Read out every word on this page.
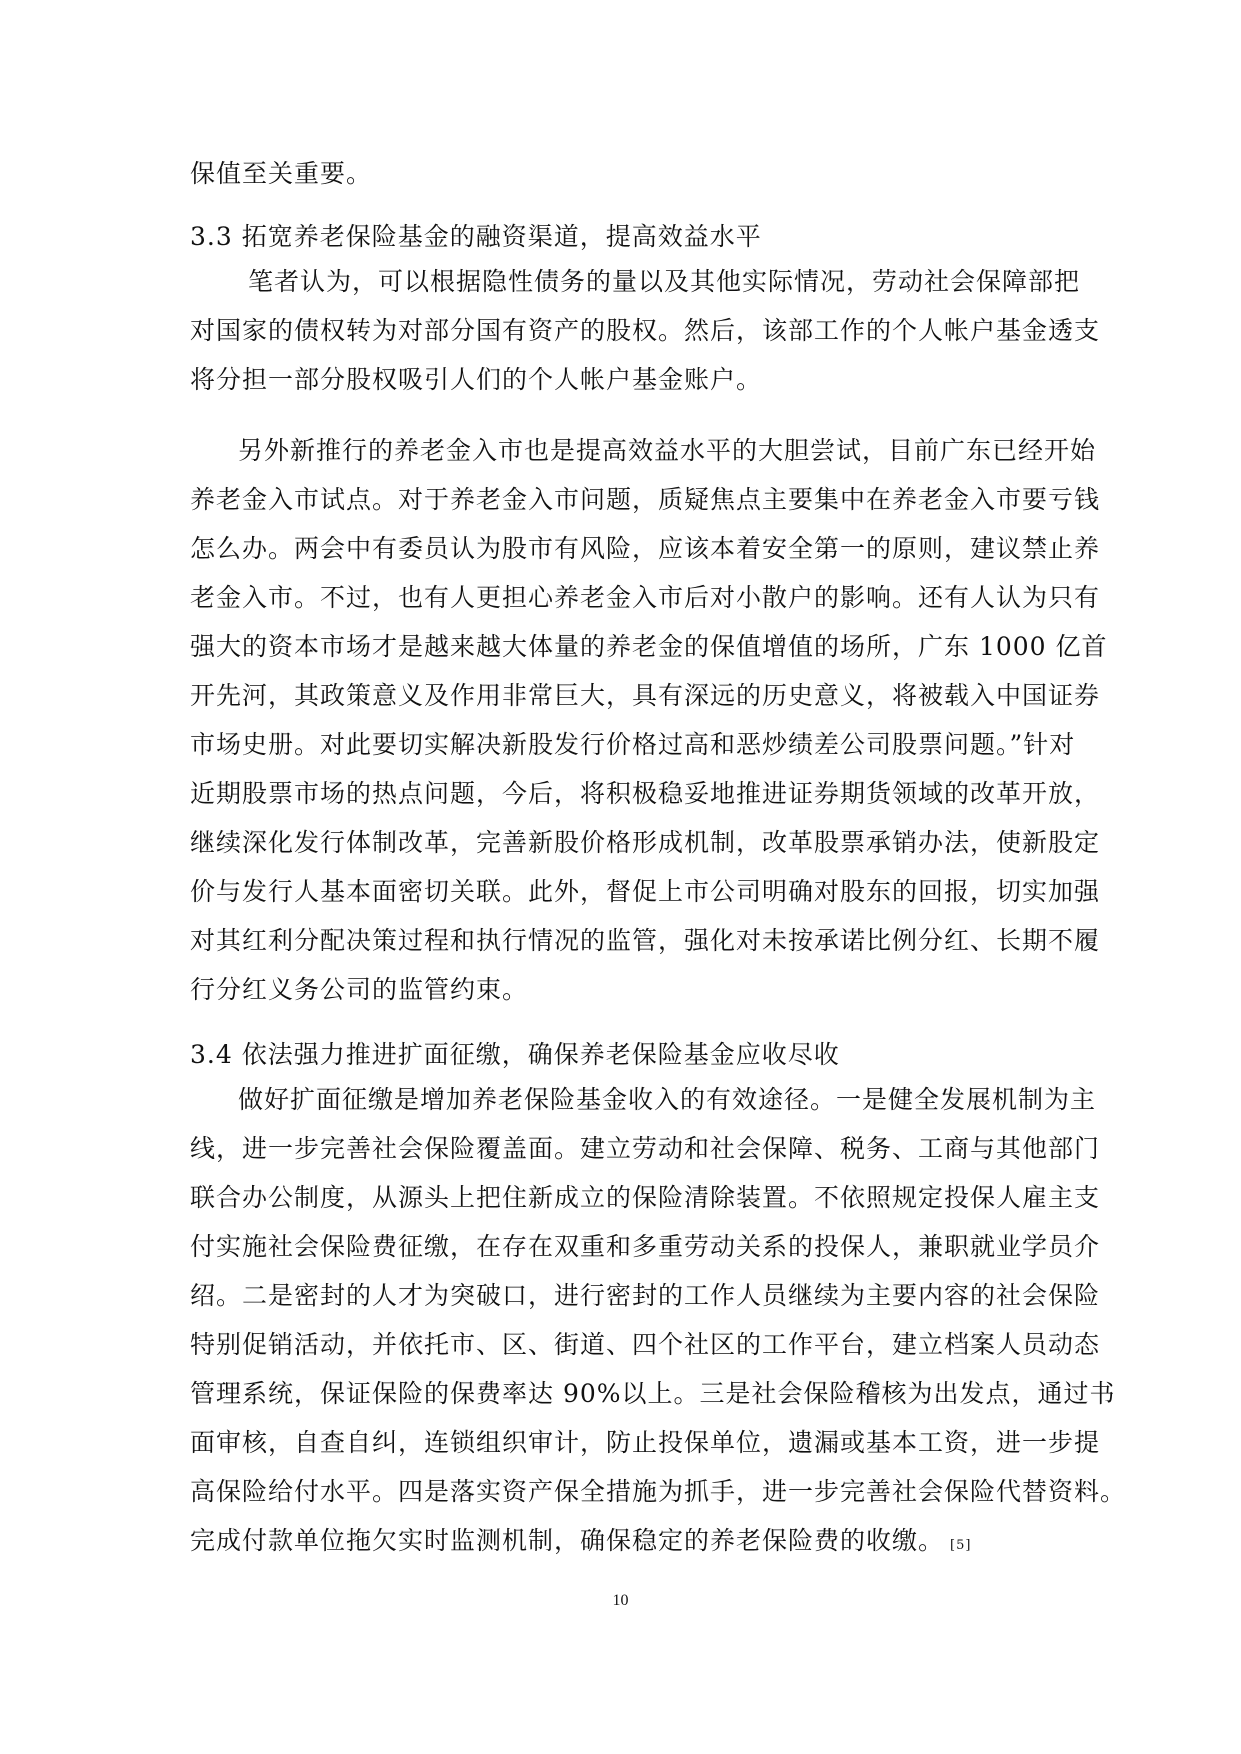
保值至关重要。
3.3 拓宽养老保险基金的融资渠道，提高效益水平
笔者认为，可以根据隐性债务的量以及其他实际情况，劳动社会保障部把
对国家的债权转为对部分国有资产的股权。然后，该部工作的个人帐户基金透支
将分担一部分股权吸引人们的个人帐户基金账户。
另外新推行的养老金入市也是提高效益水平的大胆尝试，目前广东已经开始
养老金入市试点。对于养老金入市问题，质疑焦点主要集中在养老金入市要亏钱
怎么办。两会中有委员认为股市有风险，应该本着安全第一的原则，建议禁止养
老金入市。不过，也有人更担心养老金入市后对小散户的影响。还有人认为只有
强大的资本市场才是越来越大体量的养老金的保值增值的场所，广东 1000 亿首
开先河，其政策意义及作用非常巨大，具有深远的历史意义，将被载入中国证券
市场史册。对此要切实解决新股发行价格过高和恶炒绩差公司股票问题。”针对
近期股票市场的热点问题，今后，将积极稳妥地推进证券期货领域的改革开放，
继续深化发行体制改革，完善新股价格形成机制，改革股票承销办法，使新股定
价与发行人基本面密切关联。此外，督促上市公司明确对股东的回报，切实加强
对其红利分配决策过程和执行情况的监管，强化对未按承诺比例分红、长期不履
行分红义务公司的监管约束。
3.4 依法强力推进扩面征缴，确保养老保险基金应收尽收
做好扩面征缴是增加养老保险基金收入的有效途径。一是健全发展机制为主
线，进一步完善社会保险覆盖面。建立劳动和社会保障、税务、工商与其他部门
联合办公制度，从源头上把住新成立的保险清除装置。不依照规定投保人雇主支
付实施社会保险费征缴，在存在双重和多重劳动关系的投保人，兼职就业学员介
绍。二是密封的人才为突破口，进行密封的工作人员继续为主要内容的社会保险
特别促销活动，并依托市、区、街道、四个社区的工作平台，建立档案人员动态
管理系统，保证保险的保费率达 90%以上。三是社会保险稽核为出发点，通过书
面审核，自查自纠，连锁组织审计，防止投保单位，遗漏或基本工资，进一步提
高保险给付水平。四是落实资产保全措施为抓手，进一步完善社会保险代替资料。
完成付款单位拖欠实时监测机制，确保稳定的养老保险费的收缴。 [5]
10
